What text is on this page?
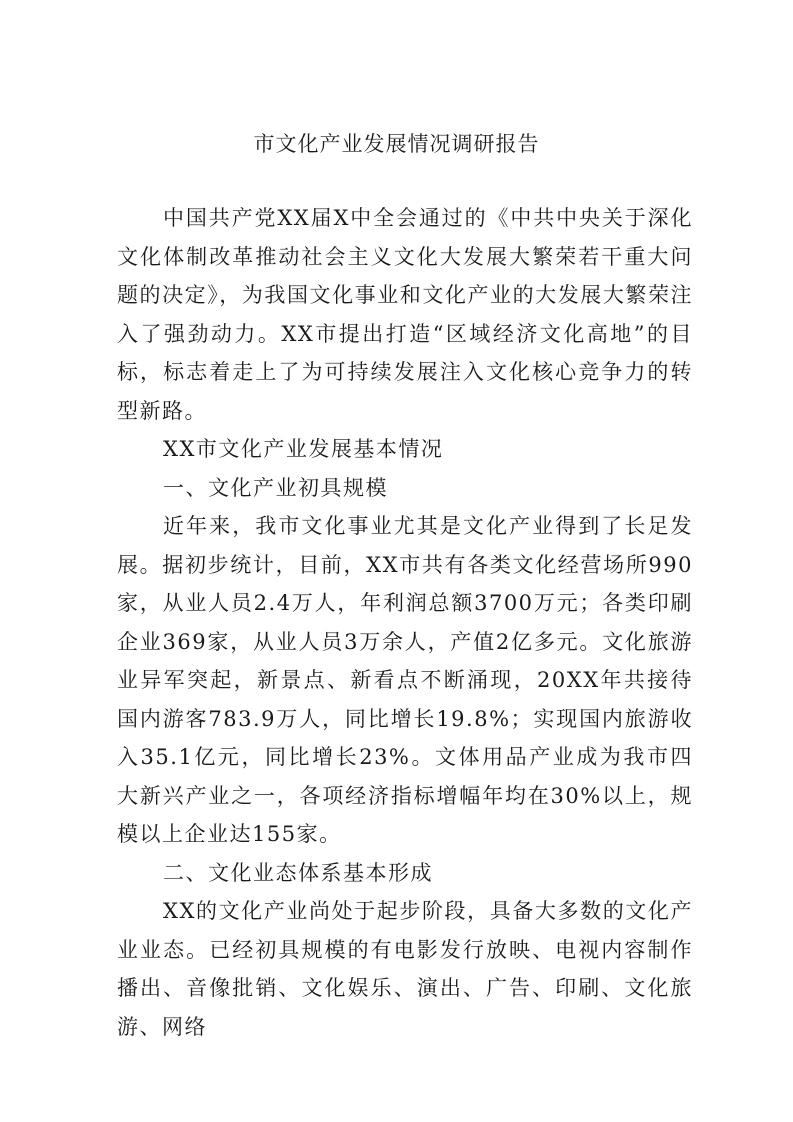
市文化产业发展情况调研报告

中国共产党XX届X中全会通过的《中共中央关于深化文化体制改革推动社会主义文化大发展大繁荣若干重大问题的决定》，为我国文化事业和文化产业的大发展大繁荣注入了强劲动力。XX市提出打造“区域经济文化高地”的目标，标志着走上了为可持续发展注入文化核心竞争力的转型新路。

XX市文化产业发展基本情况

一、文化产业初具规模

近年来，我市文化事业尤其是文化产业得到了长足发展。据初步统计，目前，XX市共有各类文化经营场所990家，从业人员2.4万人，年利润总额3700万元；各类印刷企业369家，从业人员3万余人，产值2亿多元。文化旅游业异军突起，新景点、新看点不断涌现，20XX年共接待国内游客783.9万人，同比增长19.8%；实现国内旅游收入35.1亿元，同比增长23%。文体用品产业成为我市四大新兴产业之一，各项经济指标增幅年均在30%以上，规模以上企业达155家。

二、文化业态体系基本形成

XX的文化产业尚处于起步阶段，具备大多数的文化产业业态。已经初具规模的有电影发行放映、电视内容制作播出、音像批销、文化娱乐、演出、广告、印刷、文化旅游、网络
